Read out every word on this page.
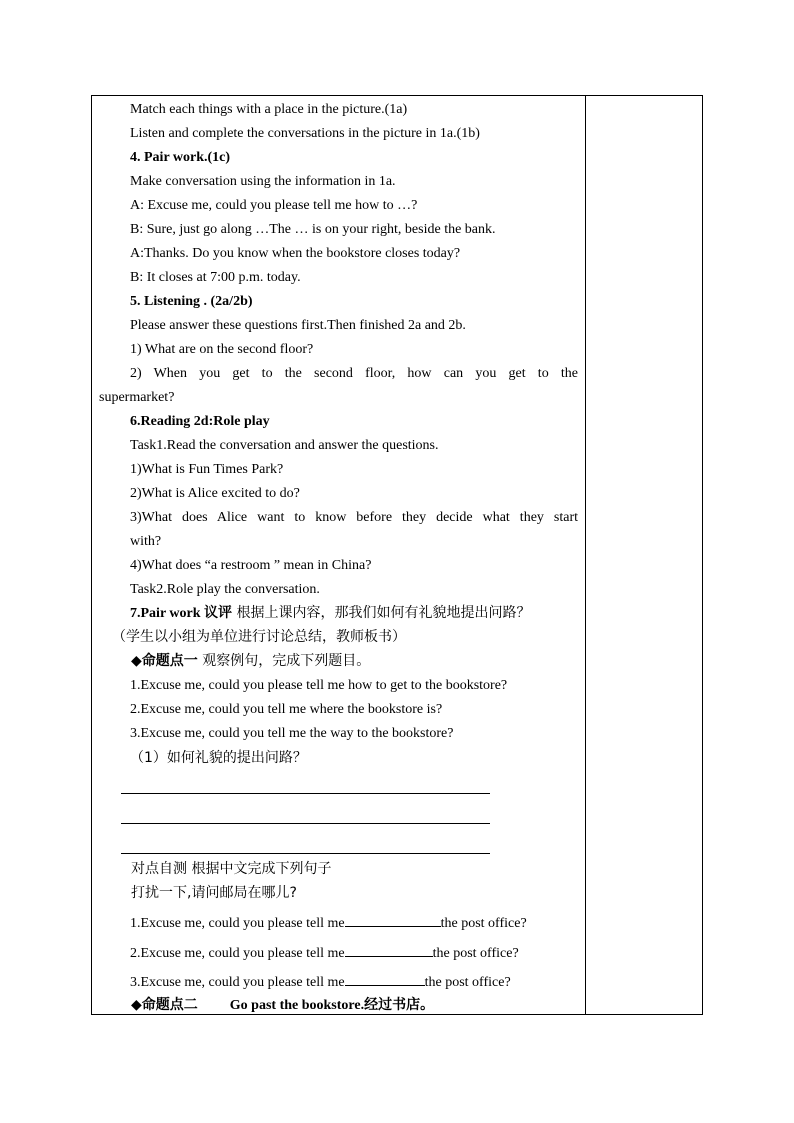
Match each things with a place in the picture.(1a)
Listen and complete the conversations in the picture in 1a.(1b)
4. Pair work.(1c)
Make conversation using the information in 1a.
A: Excuse me, could you please tell me how to …?
B: Sure, just go along …The … is on your right, beside the bank.
A:Thanks. Do you know when the bookstore closes today?
B: It closes at 7:00 p.m. today.
5. Listening . (2a/2b)
Please answer these questions first.Then finished 2a and 2b.
1) What are on the second floor?
2) When you get to the second floor, how can you get to the
supermarket?
6.Reading 2d:Role play
Task1.Read the conversation and answer the questions.
1)What is Fun Times Park?
2)What is Alice excited to do?
3)What does Alice want to know before they decide what they start
with?
4)What does “a restroom ” mean in China?
Task2.Role play the conversation.
7.Pair work 议评 根据上课内容，那我们如何有礼貌地提出问路？
（学生以小组为单位进行讨论总结，教师板书）
◆命题点一 观察例句，完成下列题目。
1.Excuse me, could you please tell me how to get to the bookstore?
2.Excuse me, could you tell me where the bookstore is?
3.Excuse me, could you tell me the way to the bookstore?
（1）如何礼貌的提出问路？
对点自测 根据中文完成下列句子
打扰一下,请问邮局在哪儿?
1.Excuse me, could you please tell me	the post office?
2.Excuse me, could you please tell me	the post office?
3.Excuse me, could you please tell me	the post office?
◆命题点二 Go past the bookstore.经过书店。
